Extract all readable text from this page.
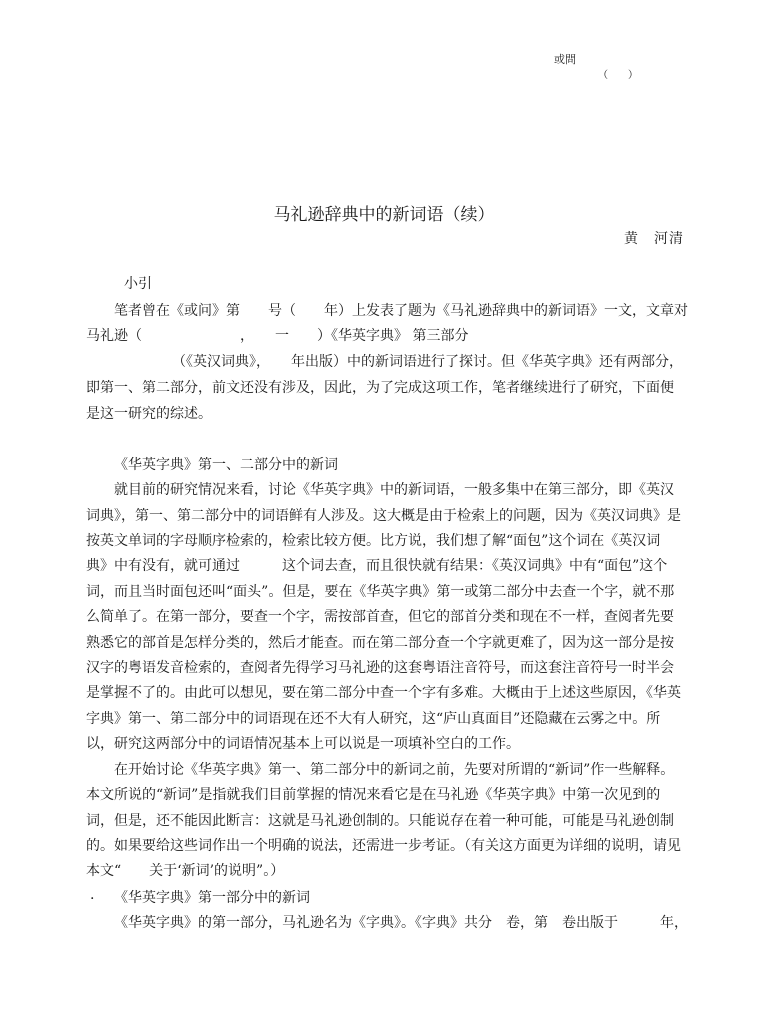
或問
（　　）
马礼逊辞典中的新词语（续）
黄　河清
小引
笔者曾在《或问》第　　号（　　年）上发表了题为《马礼逊辞典中的新词语》一文，文章对
马礼逊（　　　　　　　，　　一　　）《华英字典》 第三部分
（《英汉词典》，　　年出版）中的新词语进行了探讨。但《华英字典》还有两部分，
即第一、第二部分，前文还没有涉及，因此，为了完成这项工作，笔者继续进行了研究，下面便
是这一研究的综述。
《华英字典》第一、二部分中的新词
就目前的研究情况来看，讨论《华英字典》中的新词语，一般多集中在第三部分，即《英汉
词典》，第一、第二部分中的词语鲜有人涉及。这大概是由于检索上的问题，因为《英汉词典》是
按英文单词的字母顺序检索的，检索比较方便。比方说，我们想了解“面包”这个词在《英汉词
典》中有没有，就可通过　　　这个词去查，而且很快就有结果：《英汉词典》中有“面包”这个
词，而且当时面包还叫“面头”。但是，要在《华英字典》第一或第二部分中去查一个字，就不那
么简单了。在第一部分，要查一个字，需按部首查，但它的部首分类和现在不一样，查阅者先要
熟悉它的部首是怎样分类的，然后才能查。而在第二部分查一个字就更难了，因为这一部分是按
汉字的粤语发音检索的，查阅者先得学习马礼逊的这套粤语注音符号，而这套注音符号一时半会
是掌握不了的。由此可以想见，要在第二部分中查一个字有多难。大概由于上述这些原因，《华英
字典》第一、第二部分中的词语现在还不大有人研究，这“庐山真面目”还隐藏在云雾之中。所
以，研究这两部分中的词语情况基本上可以说是一项填补空白的工作。
在开始讨论《华英字典》第一、第二部分中的新词之前，先要对所谓的“新词”作一些解释。
本文所说的“新词”是指就我们目前掌握的情况来看它是在马礼逊《华英字典》中第一次见到的
词，但是，还不能因此断言：这就是马礼逊创制的。只能说存在着一种可能，可能是马礼逊创制
的。如果要给这些词作出一个明确的说法，还需进一步考证。（有关这方面更为详细的说明，请见
本文“　　关于‘新词’的说明”。）
. 《华英字典》第一部分中的新词
《华英字典》的第一部分，马礼逊名为《字典》。《字典》共分　卷，第　卷出版于　　　年，
